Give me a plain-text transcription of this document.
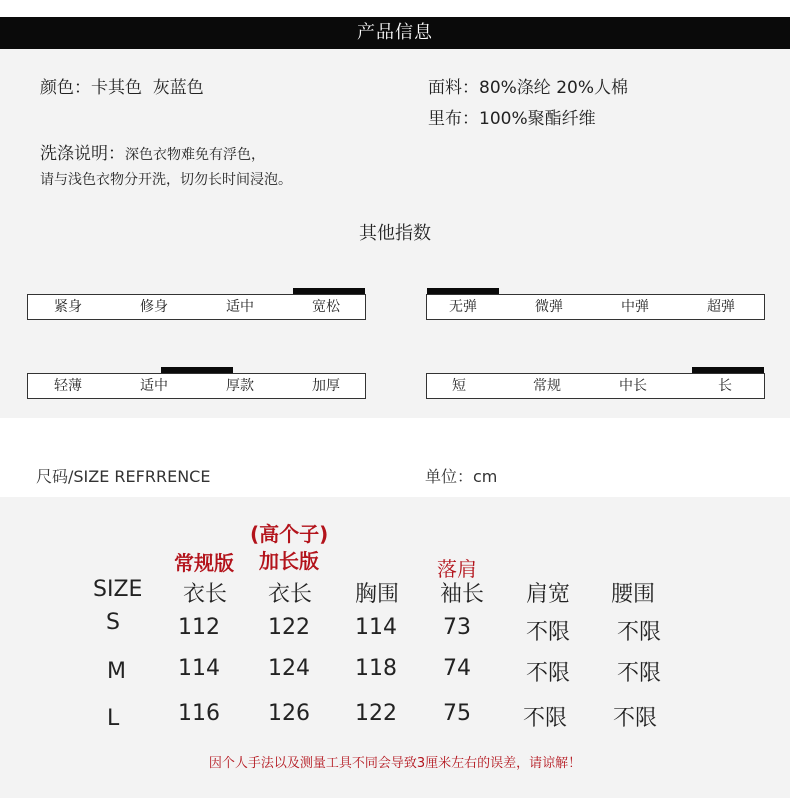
产品信息
颜色：卡其色  灰蓝色	面料：80%涤纶 20%人棉
里布：100%聚酯纤维
洗涤说明：深色衣物难免有浮色，
请与浅色衣物分开洗，切勿长时间浸泡。
其他指数
紧身	修身	适中	宽松	无弹	微弹	中弹	超弹
轻薄	适中	厚款	加厚	短	常规	中长	长
尺码/SIZE REFRRENCE	单位：cm
(高个子)
常规版 加长版	落肩
SIZE 衣长 衣长 胸围 袖长 肩宽 腰围
S	112 122 114 73	不限 不限
M 114 124 118 74	不限 不限
L	116 126 122 75 不限 不限
因个人手法以及测量工具不同会导致3厘米左右的误差，请谅解！
